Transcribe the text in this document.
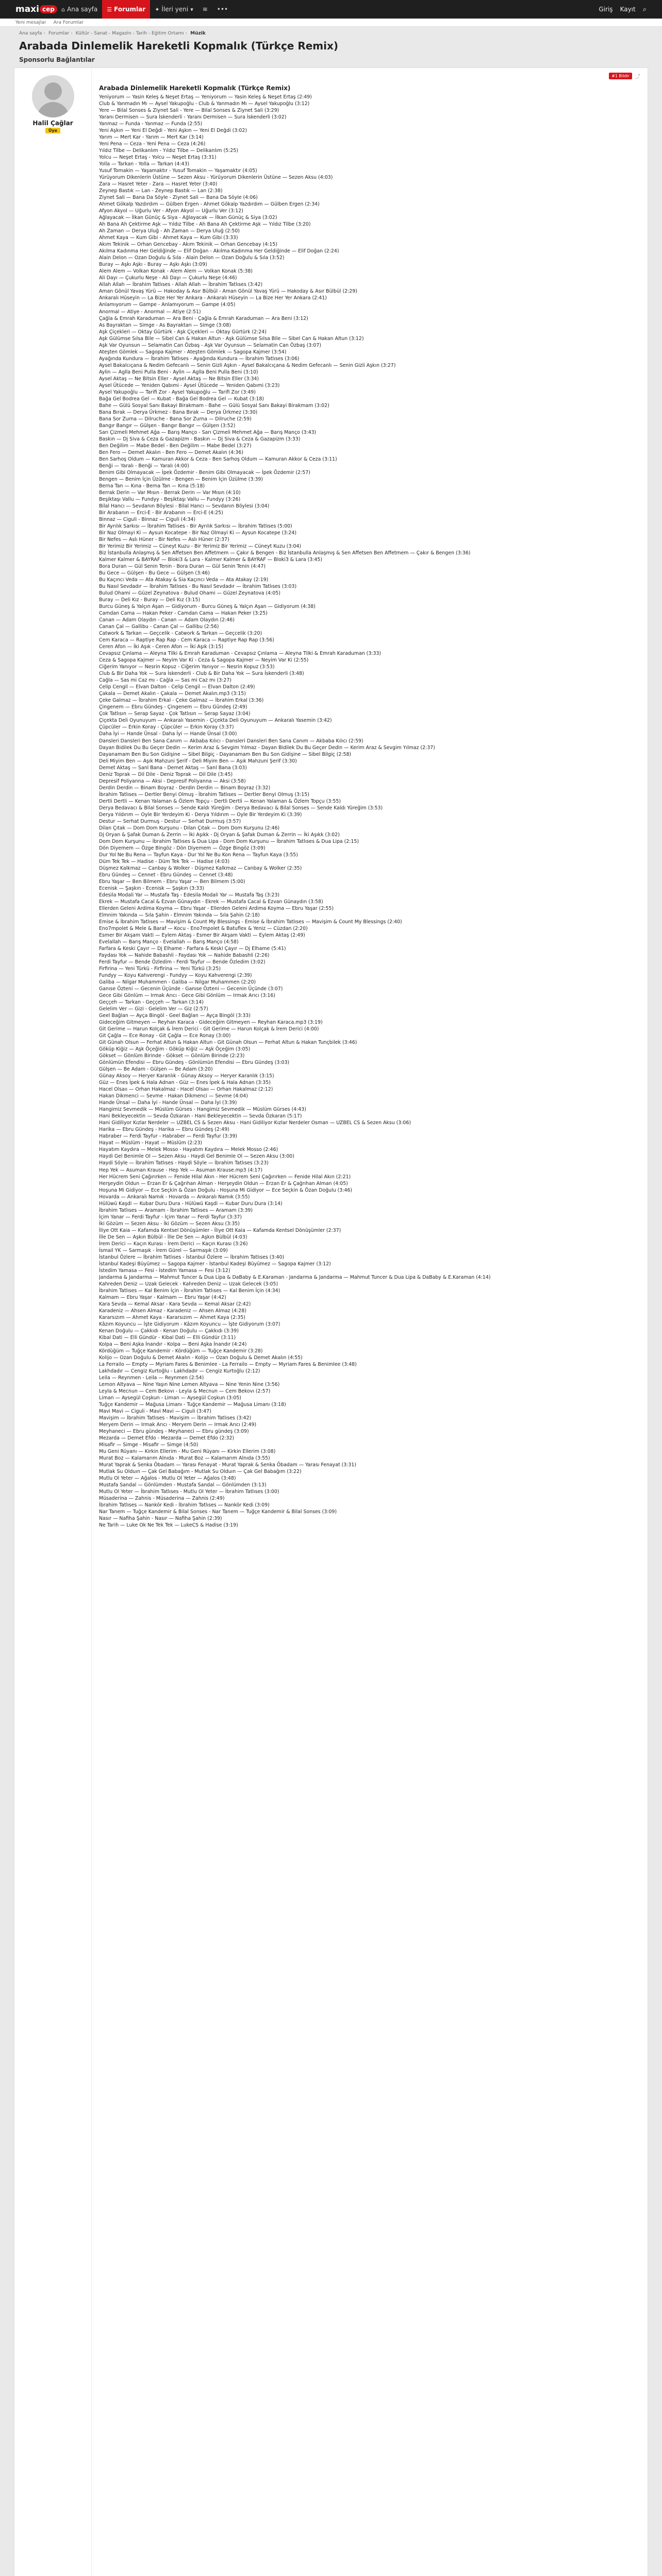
maxi cep	⌂ Ana sayfa ☰ Forumlar ✦ İleri yeni ▾ ≋ •••	Giriş Kayıt ⌕
Yeni mesajlar Ara Forumlar
Ana sayfa › Forumlar › Kültür - Sanat - Magazin - Tarih - Eğitim Ortamı › Müzik
Arabada Dinlemelik Hareketli Kopmalık (Türkçe Remix)
Sponsorlu Bağlantılar
Halil Çağlar
Üye
#1 Bildir	⤴
Arabada Dinlemelik Hareketli Kopmalık (Türkçe Remix)
Yeniyorum — Yasin Keleş & Neşet Ertaş — Yeniyorum — Yasin Keleş & Neşet Ertaş (2:49)
Club & Yanmadın Mı — Aysel Yakupoğlu - Club & Yanmadın Mı — Aysel Yakupoğlu (3:12)
Yere — Bilal Sonses & Ziynet Sali - Yere — Bilal Sonses & Ziynet Sali (3:29)
Yaranı Dermisen — Sura İskenderli - Yaranı Dermisen — Sura İskenderli (3:02)
Yanmaz — Funda - Yanmaz — Funda (2:55)
Yeni Aşkın — Yeni El Değdi - Yeni Aşkın — Yeni El Değdi (3:02)
Yarım — Mert Kar - Yarım — Mert Kar (3:14)
Yeni Pena — Ceza - Yeni Pena — Ceza (4:26)
Yıldız Tilbe — Delikanlım - Yıldız Tilbe — Delikanlım (5:25)
Yolcu — Neşet Ertaş - Yolcu — Neşet Ertaş (3:31)
Yolla — Tarkan - Yolla — Tarkan (4:43)
Yusuf Tomakin — Yaşamaktır - Yusuf Tomakin — Yaşamaktır (4:05)
Yürüyorum Dikenlerin Üstüne — Sezen Aksu - Yürüyorum Dikenlerin Üstüne — Sezen Aksu (4:03)
Zara — Hasret Yeter - Zara — Hasret Yeter (3:40)
Zeynep Bastık — Lan - Zeynep Bastık — Lan (2:38)
Ziynet Sali — Bana Da Söyle - Ziynet Sali — Bana Da Söyle (4:06)
Ahmet Gökalp Yazdırdım — Gülben Ergen - Ahmet Gökalp Yazdırdım — Gülben Ergen (2:34)
Afyon Akyol — Uğurlu Ver - Afyon Akyol — Uğurlu Ver (3:12)
Ağlayacak — İlkan Günüç & Siya - Ağlayacak — İlkan Günüç & Siya (3:02)
Ah Bana Ah Çektirme Aşk — Yıldız Tilbe - Ah Bana Ah Çektirme Aşk — Yıldız Tilbe (3:20)
Ah Zaman — Derya Uluğ - Ah Zaman — Derya Uluğ (2:50)
Ahmet Kaya — Kum Gibi - Ahmet Kaya — Kum Gibi (3:33)
Akım Tekinik — Orhan Gencebay - Akım Tekinik — Orhan Gencebay (4:15)
Akılma Kadınma Her Geldiğinde — Elif Doğan - Akılma Kadınma Her Geldiğinde — Elif Doğan (2:24)
Alain Delon — Ozan Doğulu & Sıla - Alain Delon — Ozan Doğulu & Sıla (3:52)
Buray — Aşkı Aşkı - Buray — Aşkı Aşkı (3:09)
Alem Alem — Volkan Konak - Alem Alem — Volkan Konak (5:38)
Ali Dayı — Çukurlu Neşe - Ali Dayı — Çukurlu Neşe (4:46)
Allah Allah — İbrahim Tatlıses - Allah Allah — İbrahim Tatlıses (3:42)
Aman Gönül Yavaş Yürü — Hakoday & Asır Bülbül - Aman Gönül Yavaş Yürü — Hakoday & Asır Bülbül (2:29)
Ankaralı Hüseyin — La Bize Her Yer Ankara - Ankaralı Hüseyin — La Bize Her Yer Ankara (2:41)
Anlamıyorum — Gampe - Anlamıyorum — Gampe (4:05)
Anormal — Atiye - Anormal — Atiye (2:51)
Çağla & Emrah Karaduman — Ara Beni - Çağla & Emrah Karaduman — Ara Beni (3:12)
As Bayraktarı — Simge - As Bayraktarı — Simge (3:08)
Aşk Çiçekleri — Oktay Gürtürk - Aşk Çiçekleri — Oktay Gürtürk (2:24)
Aşk Gülümse Sılsa Bile — Sibel Can & Hakan Altun - Aşk Gülümse Sılsa Bile — Sibel Can & Hakan Altun (3:12)
Aşk Var Oyunsun — Selamatin Can Özbaş - Aşk Var Oyunsun — Selamatin Can Özbaş (3:07)
Ateşten Gömlek — Sagopa Kajmer - Ateşten Gömlek — Sagopa Kajmer (3:54)
Ayağında Kundura — İbrahim Tatlıses - Ayağında Kundura — İbrahim Tatlıses (3:06)
Aysel Bakalcıçana & Nedim Gefecanlı — Senin Gizli Aşkın - Aysel Bakalcıçana & Nedim Gefecanlı — Senin Gizli Aşkın (3:27)
Aylin — Aglla Beni Pulla Beni - Aylin — Aglla Beni Pulla Beni (3:10)
Aysel Aktaş — Ne Bitsin Eller - Aysel Aktaş — Ne Bitsin Eller (3:34)
Aysel Ütücede — Yeniden Qabımi - Aysel Ütücede — Yeniden Qabımi (3:23)
Aysel Yakupoğlu — Tarifi Zor - Aysel Yakupoğlu — Tarifi Zor (3:49)
Bağa Gel Bodrea Gel — Kubat - Bağa Gel Bodrea Gel — Kubat (3:18)
Bahe — Gülü Sosyal Sanı Bakayi Birakmam - Bahe — Gülü Sosyal Sanı Bakayi Birakmam (3:02)
Bana Bırak — Derya Ürkmez - Bana Bırak — Derya Ürkmez (3:30)
Bana Sor Zurna — Dilruche - Bana Sor Zurna — Dilruche (2:59)
Bangır Bangır — Gülşen - Bangır Bangır — Gülşen (3:52)
Sarı Çizmeli Mehmet Ağa — Barış Manço - Sarı Çizmeli Mehmet Ağa — Barış Manço (3:43)
Baskın — Dj Siva & Ceza & Gazapizm - Baskın — Dj Siva & Ceza & Gazapizm (3:33)
Ben Değilim — Mabe Bedel - Ben Değilim — Mabe Bedel (3:27)
Ben Fero — Demet Akalın - Ben Fero — Demet Akalın (4:36)
Ben Sarhoş Oldum — Kamuran Akkor & Ceza - Ben Sarhoş Oldum — Kamuran Akkor & Ceza (3:11)
Benği — Yaralı - Benği — Yaralı (4:00)
Benim Gibi Olmayacak — İpek Özdemir - Benim Gibi Olmayacak — İpek Özdemir (2:57)
Bengen — Benim İçin Üzülme - Bengen — Benim İçin Üzülme (3:39)
Berna Tan — Kına - Berna Tan — Kına (5:18)
Berrak Derin — Var Mısın - Berrak Derin — Var Mısın (4:10)
Beşiktaşı Vallu — Fundyy - Beşiktaşı Vallu — Fundyy (3:26)
Bilal Hancı — Sevdanın Böylesi - Bilal Hancı — Sevdanın Böylesi (3:04)
Bir Arabanın — Erci-E - Bir Arabanın — Erci-E (4:25)
Binnaz — Ciguli - Binnaz — Ciguli (4:34)
Bir Ayrılık Sarkısı — İbrahim Tatlıses - Bir Ayrılık Sarkısı — İbrahim Tatlıses (5:00)
Bir Naz Olmayi Ki — Aysun Kocatepe - Bir Naz Olmayi Ki — Aysun Kocatepe (3:24)
Bir Nefes — Aslı Hüner - Bir Nefes — Aslı Hüner (2:37)
Bir Yerimiz Bir Yerimiz — Cüneyt Kuzu - Bir Yerimiz Bir Yerimiz — Cüneyt Kuzu (3:04)
Biz İstanbulla Anlaşmış & Sen Affetsen Ben Affetmem — Çakır & Bengen - Biz İstanbulla Anlaşmış & Sen Affetsen Ben Affetmem — Çakır & Bengen (3:36)
Kalmer Kalmer & BAYRAF — Bloki3 & Lara - Kalmer Kalmer & BAYRAF — Bloki3 & Lara (3:45)
Bora Duran — Gül Senin Tenin - Bora Duran — Gül Senin Tenin (4:47)
Bu Gece — Gülşen - Bu Gece — Gülşen (3:46)
Bu Kaçıncı Veda — Ata Atakay & Sia Kaçıncı Veda — Ata Atakay (2:19)
Bu Nasıl Sevdadır — İbrahim Tatlıses - Bu Nasıl Sevdadır — İbrahim Tatlıses (3:03)
Bulud Ohami — Güzel Zeynatova - Bulud Ohami — Güzel Zeynatova (4:05)
Buray — Deli Kız - Buray — Deli Kız (3:15)
Burcu Güneş & Yalçın Aşan — Gidiyorum - Burcu Güneş & Yalçın Aşan — Gidiyorum (4:38)
Camdan Cama — Hakan Peker - Camdan Cama — Hakan Peker (3:25)
Canan — Adam Olaydın - Canan — Adam Olaydın (2:46)
Canan Çal — Gallibu - Canan Çal — Gallibu (2:56)
Catwork & Tarkan — Geçcelik - Catwork & Tarkan — Geçcelik (3:20)
Cem Karaca — Raptiye Rap Rap - Cem Karaca — Raptiye Rap Rap (3:56)
Ceren Afon — İki Aşık - Ceren Afon — İki Aşık (3:15)
Cevapsız Çınlama — Aleyna Tilki & Emrah Karaduman - Cevapsız Çınlama — Aleyna Tilki & Emrah Karaduman (3:33)
Ceza & Sagopa Kajmer — Neyim Var Ki - Ceza & Sagopa Kajmer — Neyim Var Ki (2:55)
Ciğerim Yanıyor — Nesrin Kopuz - Ciğerim Yanıyor — Nesrin Kopuz (3:53)
Club & Bir Daha Yok — Sura İskenderli - Club & Bir Daha Yok — Sura İskenderli (3:48)
Cağla — Sas mi Caz mı - Cağla — Sas mi Caz mı (3:27)
Celip Cengil — Elvan Dalton - Celip Cengil — Elvan Dalton (2:49)
Çakala — Demet Akalın - Çakala — Demet Akalın.mp3 (3:15)
Çeke Galmaz — İbrahim Erkal - Çeke Galmaz — İbrahim Erkal (3:36)
Çingenem — Ebru Gündeş - Çingenem — Ebru Gündeş (2:49)
Çok Tatlısın — Serap Sayaz - Çok Tatlısın — Serap Sayaz (3:04)
Çiçekta Deli Oyunuyum — Ankaralı Yasemin - Çiçekta Deli Oyunuyum — Ankaralı Yasemin (3:42)
Çüpcüler — Erkin Koray - Çüpcüler — Erkin Koray (3:37)
Daha İyi — Hande Ünsal - Daha İyi — Hande Ünsal (3:00)
Dansleri Dansleri Ben Sana Canım — Akbaba Kılıcı - Dansleri Dansleri Ben Sana Canım — Akbaba Kılıcı (2:59)
Dayan Bidilek Du Bu Geçer Dedin — Kerim Araz & Sevgim Yılmaz - Dayan Bidilek Du Bu Geçer Dedin — Kerim Araz & Sevgim Yılmaz (2:37)
Dayanamam Ben Bu Son Gidişine — Sibel Bilgiç - Dayanamam Ben Bu Son Gidişine — Sibel Bilgiç (2:58)
Deli Miyim Ben — Aşık Mahzuni Şerif - Deli Miyim Ben — Aşık Mahzuni Şerif (3:30)
Demet Aktaş — Sanl Bana - Demet Aktaş — Sanl Bana (3:03)
Deniz Toprak — Dil Dile - Deniz Toprak — Dil Dile (3:45)
Depresif Poliyanna — Aksi - Depresif Poliyanna — Aksi (3:58)
Derdin Derdin — Binam Boyraz - Derdin Derdin — Binam Boyraz (3:32)
İbrahim Tatlıses — Dertler Benyi Olmuş - İbrahim Tatlıses — Dertler Benyi Olmuş (3:15)
Dertli Dertli — Kenan Yalaman & Özlem Topçu - Dertli Dertli — Kenan Yalaman & Özlem Topçu (3:55)
Derya Bedavacı & Bilal Sonses — Sende Kaldı Yüreğim - Derya Bedavacı & Bilal Sonses — Sende Kaldı Yüreğim (3:53)
Derya Yıldırım — Oyle Bir Yerdeyim Ki - Derya Yıldırım — Oyle Bir Yerdeyim Ki (3:39)
Destur — Serhat Durmuş - Destur — Serhat Durmuş (3:57)
Dilan Çıtak — Dom Dom Kurşunu - Dilan Çıtak — Dom Dom Kurşunu (2:46)
Dj Oryan & Şafak Duman & Zerrin — İki Aşıkk - Dj Oryan & Şafak Duman & Zerrin — İki Aşıkk (3:02)
Dom Dom Kurşunu — İbrahim Tatlıses & Dua Lipa - Dom Dom Kurşunu — İbrahim Tatlıses & Dua Lipa (2:15)
Dön Diyemem — Özge Bingöz - Dön Diyemem — Özge Bingöz (3:09)
Dur Yol Ne Bu Rena — Tayfun Kaya - Dur Yol Ne Bu Kon Rena — Tayfun Kaya (3:55)
Düm Tek Tek — Hadise - Düm Tek Tek — Hadise (4:03)
Düşmez Kalkmaz — Canbay & Wolker - Düşmez Kalkmaz — Canbay & Wolker (2:35)
Ebru Gündeş — Cennet - Ebru Gündeş — Cennet (3:48)
Ebru Yaşar — Ben Bilmem - Ebru Yaşar — Ben Bilmem (5:00)
Ecenisk — Şaşkın - Ecenisk — Şaşkın (3:33)
Edesila Modali Yar — Mustafa Taş - Edesila Modali Yar — Mustafa Taş (3:23)
Ekrek — Mustafa Cacal & Ezvan Günaydın - Ekrek — Mustafa Cacal & Ezvan Günaydın (3:58)
Ellerden Geleni Ardima Koyma — Ebru Yaşar - Ellerden Geleni Ardima Koyma — Ebru Yaşar (2:55)
Elmnim Yakında — Sıla Şahin - Elmnim Yakında — Sıla Şahin (2:18)
Emise & İbrahim Tatlıses — Mavişim & Count My Blessings - Emise & İbrahim Tatlıses — Mavişim & Count My Blessings (2:40)
Eno7mpolet & Mele & Baraf — Kocu - Eno7mpolet & Batuflex & Yeniz — Cüzdan (2:20)
Esmer Bir Akşam Vakti — Eylem Aktaş - Esmer Bir Akşam Vakti — Eylem Aktaş (2:49)
Evelallah — Barış Manço - Evelallah — Barış Manço (4:58)
Farfara & Keski Çayır — Dj Elhame - Farfara & Keski Çayır — Dj Elhame (5:41)
Faydası Yok — Nahide Babashli - Faydası Yok — Nahide Babashli (2:26)
Ferdi Tayfur — Bende Özledim - Ferdi Tayfur — Bende Özledim (3:02)
Firfirina — Yeni Türkü - Firfirina — Yeni Türkü (3:25)
Fundyy — Koyu Kahverengi - Fundyy — Koyu Kahverengi (2:39)
Galiba — Nilgar Muhammen - Galiba — Nilgar Muhammen (2:20)
Ganıse Özteni — Gecenin Üçünde - Ganıse Özteni — Gecenin Üçünde (3:07)
Gece Gibi Gönlüm — Irmak Arıcı - Gece Gibi Gönlüm — Irmak Arıcı (3:16)
Geççeh — Tarkan - Geççeh — Tarkan (3:14)
Gelelim Ver — Gizi - Gelelim Ver — Giz (2:57)
Geel Bağlan — Ayça Bingöl - Geel Bağlan — Ayça Bingöl (3:33)
Gideceğim Gitmeyen — Reyhan Karaca - Gideceğim Gitmeyen — Reyhan Karaca.mp3 (3:19)
Git Gerime — Harun Kolçak & İrem Derici - Git Gerime — Harun Kolçak & İrem Derici (4:00)
Git Çağla — Ece Ronay - Git Çağla — Ece Ronay (3:00)
Git Günah Olsun — Ferhat Altun & Hakan Altun - Git Günah Olsun — Ferhat Altun & Hakan Tunçbilek (3:46)
Göküp Kiğiz — Aşk Öçeğim - Göküp Kiğiz — Aşk Öçeğim (3:05)
Gökset — Gönlüm Birinde - Gökset — Gönlüm Birinde (2:23)
Gönlümün Efendisi — Ebru Gündeş - Gönlümün Efendisi — Ebru Gündeş (3:03)
Gülşen — Be Adam - Gülşen — Be Adam (3:20)
Günay Aksoy — Heryer Karanlık - Günay Aksoy — Heryer Karanlık (3:15)
Güz — Enes İpek & Hala Adnan - Güz — Enes İpek & Hala Adnan (3:35)
Hacel Olsaıı — Orhan Hakalmaz - Hacel Olsaıı — Orhan Hakalmaz (2:12)
Hakan Dikmenci — Sevme - Hakan Dikmenci — Sevme (4:04)
Hande Ünsal — Daha İyi - Hande Ünsal — Daha İyi (3:39)
Hangimiz Sevmedik — Müslüm Gürses - Hangimiz Sevmedik — Müslüm Gürses (4:43)
Hani Bekleyecektin — Sevda Özkaran - Hani Bekleyecektin — Sevda Özkaran (5:17)
Hani Gidiliyor Kızlar Nerdeler — UZBEL CS & Sezen Aksu - Hani Gidiliyor Kızlar Nerdeler Osman — UZBEL CS & Sezen Aksu (3:06)
Harika — Ebru Gündeş - Harika — Ebru Gündeş (2:49)
Habraber — Ferdi Tayfur - Habraber — Ferdi Tayfur (3:39)
Hayat — Müslüm - Hayat — Müslüm (2:23)
Hayatım Kaydıra — Melek Mosso - Hayatım Kaydıra — Melek Mosso (2:46)
Haydi Gel Benimle Ol — Sezen Aksu - Haydi Gel Benimle Ol — Sezen Aksu (3:00)
Haydi Söyle — İbrahim Tatlıses - Haydi Söyle — İbrahim Tatlıses (3:23)
Hep Yek — Asuman Krause - Hep Yek — Asuman Krause.mp3 (4:17)
Her Hücrem Seni Çağırırken — Fenide Hilal Akın - Her Hücrem Seni Çağırırken — Fenide Hilal Akın (2:21)
Herşeydin Oldun — Erzan Er & Çağrıhan Alman - Herşeydin Oldun — Erzan Er & Çağrıhan Alman (4:05)
Hoşuna Mi Gidiyor — Ece Seçkin & Özan Doğulu - Hoşuna Mi Gidiyor — Ece Seçkin & Özan Doğulu (3:46)
Hovarda — Ankaralı Namık - Hovarda — Ankaralı Namık (3:55)
Hülüwü Kaşdi — Kubar Duru Dura - Hülüwü Kaşdi — Kubar Duru Dura (3:14)
İbrahim Tatlıses — Aramam - İbrahim Tatlıses — Aramam (3:39)
İçim Yanar — Ferdi Tayfur - İçim Yanar — Ferdi Tayfur (3:37)
İki Gözüm — Sezen Aksu - İki Gözüm — Sezen Aksu (3:35)
İliye Ott Kaia — Kafamda Kentsel Dönüşümler - İliye Ott Kaia — Kafamda Kentsel Dönüşümler (2:37)
İlle De Sen — Aşkın Bülbül - İlle De Sen — Aşkın Bülbül (4:03)
İrem Derici — Kaçın Kurası - İrem Derici — Kaçın Kurası (3:26)
İsmail YK — Sarmaşık - İrem Gürel — Sarmaşık (3:09)
İstanbul Özlere — İbrahim Tatlıses - İstanbul Özlere — İbrahim Tatlıses (3:40)
İstanbul Kadeşi Büyümez — Sagopa Kajmer - İstanbul Kadeşi Büyümez — Sagopa Kajmer (3:12)
İstedim Yamasa — Fesi - İstedim Yamasa — Fesi (3:12)
Jandarma & Jandarma — Mahmut Tuncer & Dua Lipa & DaBaby & E.Karaman - Jandarma & Jandarma — Mahmut Tuncer & Dua Lipa & DaBaby & E.Karaman (4:14)
Kahreden Deniz — Uzak Gelecek - Kahreden Deniz — Uzak Gelecek (3:05)
İbrahim Tatlıses — Kal Benim İçin - İbrahim Tatlıses — Kal Benim İçin (4:34)
Kalmam — Ebru Yaşar - Kalmam — Ebru Yaşar (4:42)
Kara Sevda — Kemal Aksar - Kara Sevda — Kemal Aksar (2:42)
Karadeniz — Ahsen Almaz - Karadeniz — Ahsen Almaz (4:28)
Kararsızım — Ahmet Kaya - Kararsızım — Ahmet Kaya (2:35)
Kâzım Koyuncu — İşte Gidiyorum - Kâzım Koyuncu — İşte Gidiyorum (3:07)
Kenan Doğulu — Çakkıdı - Kenan Doğulu — Çakkıdı (3:39)
Kibal Dati — Elli Gündür - Kibal Dati — Elli Gündür (3:11)
Kolpa — Beni Aşka İnandır - Kolpa — Beni Aşka İnandır (4:24)
Kördüğüm — Tuğçe Kandemir - Kördüğüm — Tuğçe Kandemir (3:28)
Kolijo — Ozan Doğulu & Demet Akalın - Kolijo — Ozan Doğulu & Demet Akalın (4:55)
La Ferrailo — Empty — Myriam Fares & Benimlee - La Ferrailo — Empty — Myriam Fares & Benimlee (3:48)
Lakhdadır — Cengiz Kurtoğlu - Lakhdadır — Cengiz Kurtoğlu (2:12)
Leila — Reynmen - Leila — Reynmen (2:54)
Lemon Altyava — Nine Yaşın Nine Lemen Altyava — Nine Yenin Nine (3:56)
Leyla & Mecnun — Cem Bekovı - Leyla & Mecnun — Cem Bekovı (2:57)
Liman — Aysegül Coşkun - Liman — Aysegül Coşkun (3:05)
Tuğçe Kandemir — Mağusa Limanı - Tuğçe Kandemir — Mağusa Limanı (3:18)
Mavi Mavi — Ciguli - Mavi Mavi — Ciguli (3:47)
Mavişim — İbrahim Tatlıses - Mavişim — İbrahim Tatlıses (3:42)
Meryem Derin — Irmak Arıcı - Meryem Derin — Irmak Arıcı (2:49)
Meyhaneci — Ebru gündeş - Meyhaneci — Ebru gündeş (3:09)
Mezarda — Demet Efdo - Mezarda — Demet Efdo (2:32)
Misafir — Simge - Misafir — Simge (4:50)
Mu Geni Rüyanı — Kirkin Ellerim - Mu Geni Rüyanı — Kirkin Ellerim (3:08)
Murat Boz — Kalamarım Alnıda - Murat Boz — Kalamarım Alnıda (3:55)
Murat Yaprak & Senka Öbadam — Yarası Fenayat - Murat Yaprak & Senka Öbadam — Yarası Fenayat (3:31)
Mutlak Su Olduın — Çak Gel Babağım - Mutlak Su Olduın — Çak Gel Babağım (3:22)
Mutlu Ol Yeter — Ağalos - Mutlu Ol Yeter — Ağalos (3:48)
Mustafa Sandal — Gönlümden - Mustafa Sandal — Gönlümden (3:13)
Mutlu Ol Yeter — İbrahim Tatlıses - Mutlu Ol Yeter — İbrahim Tatlıses (3:00)
Müsaderina — Zahnis - Müsaderina — Zahnis (2:49)
İbrahim Tatlıses — Nankör Kedi - İbrahim Tatlıses — Nankör Kedi (3:09)
Nar Tanem — Tuğçe Kandemir & Bilal Sonses - Nar Tanem — Tuğçe Kandemir & Bilal Sonses (3:09)
Nasır — Nafiha Şahin - Nasır — Nafiha Şahin (2:39)
Ne Tarih — Luke Ok Ne Tek Tek — LukeCS & Hadise (3:19)
